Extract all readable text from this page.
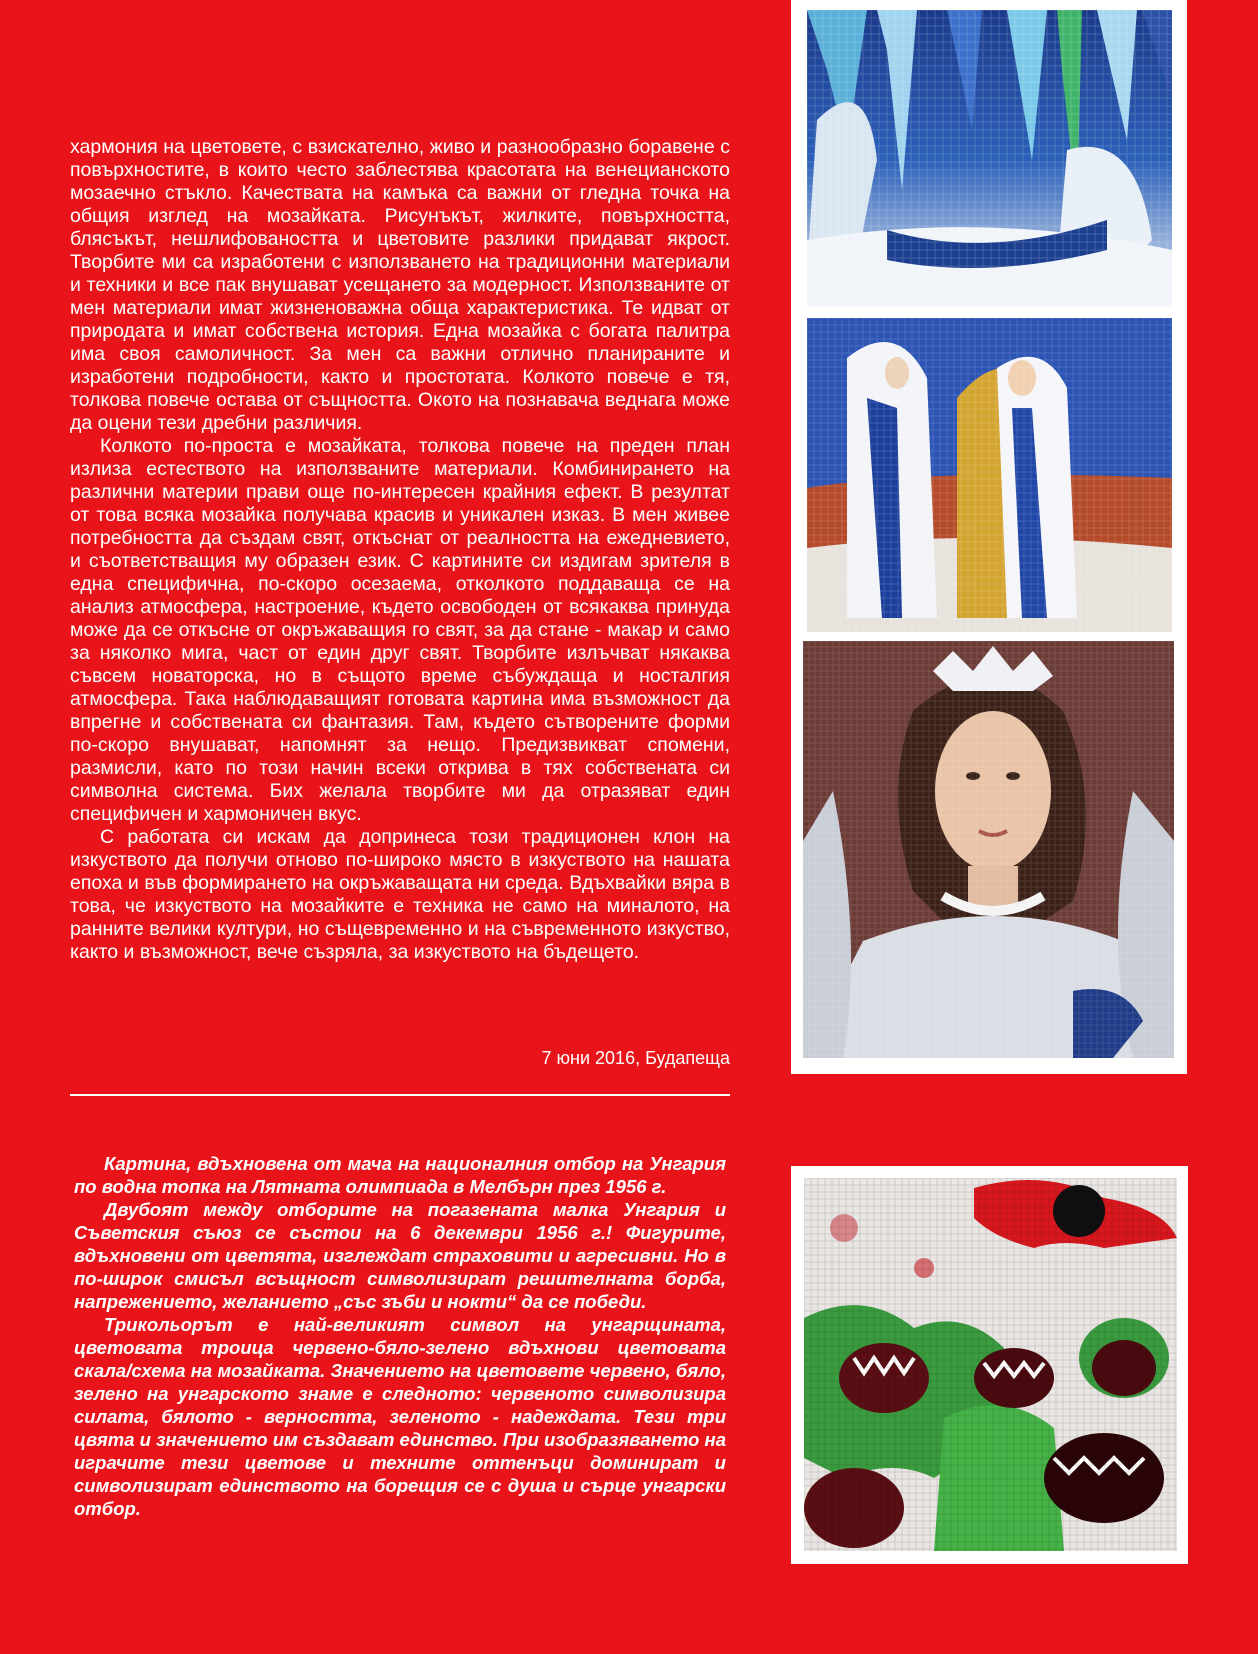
хармония на цветовете, с взискателно, живо и разнообразно боравене с повърхностите, в които често заблестява красотата на венецианското мозаечно стъкло. Качествата на камъка са важни от гледна точка на общия изглед на мозайката. Рисунъкът, жилките, повърхността, блясъкът, нешлифоваността и цветовите разлики придават якрост. Творбите ми са изработени с използването на традиционни материали и техники и все пак внушават усещането за модерност. Използваните от мен материали имат жизненоважна обща характеристика. Те идват от природата и имат собствена история. Една мозайка с богата палитра има своя самоличност. За мен са важни отлично планираните и изработени подробности, както и простотата. Колкото повече е тя, толкова повече остава от същността. Окото на познавача веднага може да оцени тези дребни различия.

Колкото по-проста е мозайката, толкова повече на преден план излиза естеството на използваните материали. Комбинирането на различни материи прави още по-интересен крайния ефект. В резултат от това всяка мозайка получава красив и уникален изказ. В мен живее потребността да създам свят, откъснат от реалността на ежедневието, и съответстващия му образен език. С картините си издигам зрителя в една специфична, по-скоро осезаема, отколкото поддаваща се на анализ атмосфера, настроение, където освободен от всякаква принуда може да се откъсне от окръжаващия го свят, за да стане - макар и само за няколко мига, част от един друг свят. Творбите излъчват някаква съвсем новаторска, но в същото време събуждаща и носталгия атмосфера. Така наблюдаващият готовата картина има възможност да впрегне и собствената си фантазия. Там, където сътворените форми по-скоро внушават, напомнят за нещо. Предизвикват спомени, размисли, като по този начин всеки открива в тях собствената си символна система. Бих желала творбите ми да отразяват един специфичен и хармоничен вкус.

С работата си искам да допринеса този традиционен клон на изкуството да получи отново по-широко място в изкуството на нашата епоха и във формирането на окръжаващата ни среда. Вдъхвайки вяра в това, че изкуството на мозайките е техника не само на миналото, на ранните велики култури, но същевременно и на съвременното изкуство, както и възможност, вече съзряла, за изкуството на бъдещето.

7 юни 2016, Будапеща

Картина, вдъхновена от мача на националния отбор на Унгария по водна топка на Лятната олимпиада в Мелбърн през 1956 г.

Двубоят между отборите на погазената малка Унгария и Съветския съюз се състои на 6 декември 1956 г.! Фигурите, вдъхновени от цветята, изглеждат страховити и агресивни. Но в по-широк смисъл всъщност символизират решителната борба, напрежението, желанието „със зъби и нокти“ да се победи.

Трикольорът е най-великият символ на унгарщината, цветовата троица червено-бяло-зелено вдъхнови цветовата скала/схема на мозайката. Значението на цветовете червено, бяло, зелено на унгарското знаме е следното: червеното символизира силата, бялото - верността, зеленото - надеждата. Тези три цвята и значението им създават единство. При изобразяването на играчите тези цветове и техните оттенъци доминират и символизират единството на борещия се с душа и сърце унгарски отбор.
